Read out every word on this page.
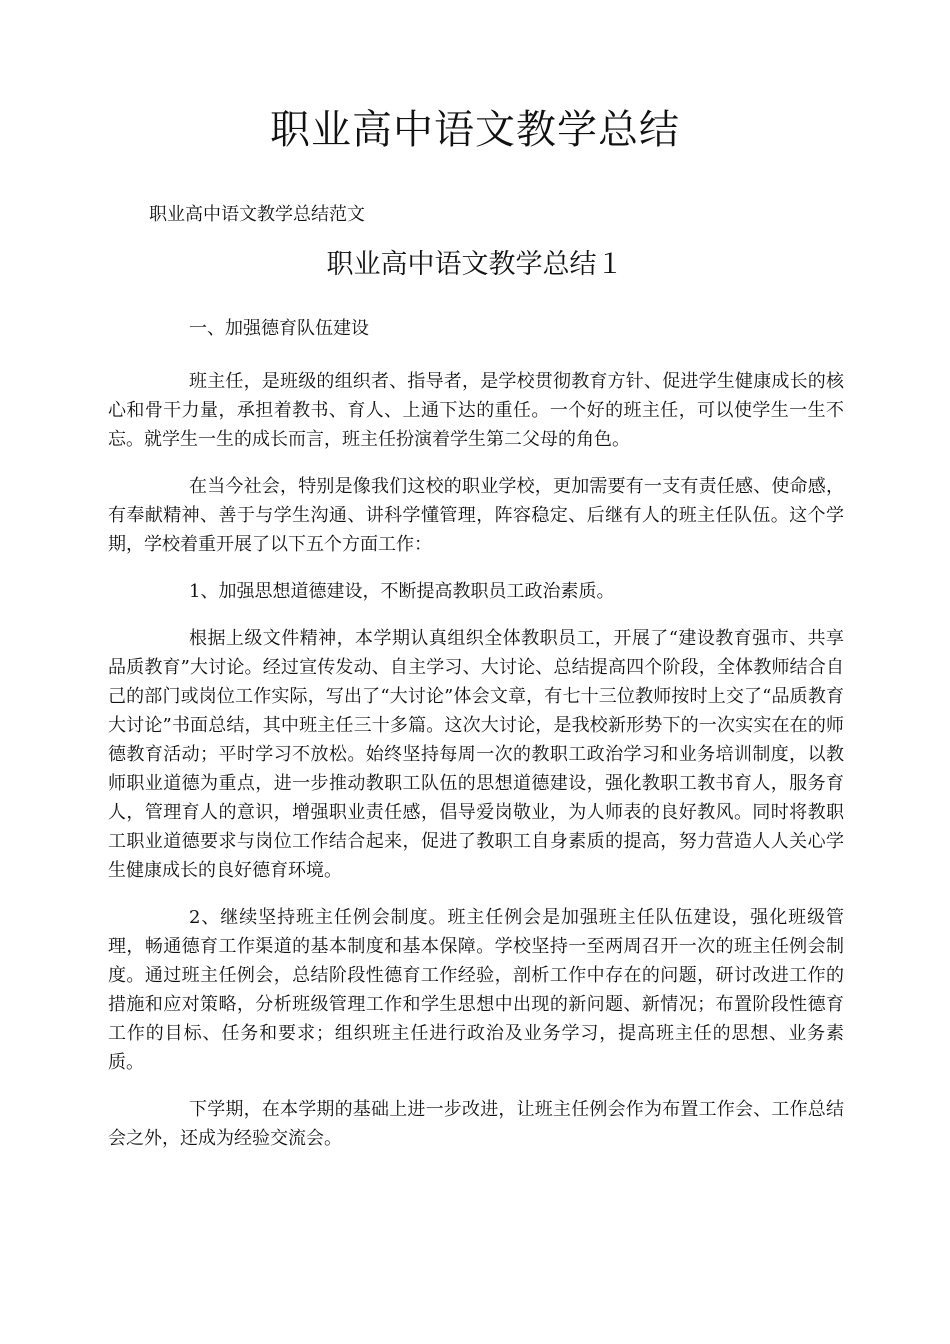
职业高中语文教学总结
职业高中语文教学总结范文
职业高中语文教学总结１

一、加强德育队伍建设

班主任，是班级的组织者、指导者，是学校贯彻教育方针、促进学生健康成长的核心和骨干力量，承担着教书、育人、上通下达的重任。一个好的班主任，可以使学生一生不忘。就学生一生的成长而言，班主任扮演着学生第二父母的角色。

在当今社会，特别是像我们这校的职业学校，更加需要有一支有责任感、使命感，有奉献精神、善于与学生沟通、讲科学懂管理，阵容稳定、后继有人的班主任队伍。这个学期，学校着重开展了以下五个方面工作：

1、加强思想道德建设，不断提高教职员工政治素质。

根据上级文件精神，本学期认真组织全体教职员工，开展了“建设教育强市、共享品质教育”大讨论。经过宣传发动、自主学习、大讨论、总结提高四个阶段，全体教师结合自己的部门或岗位工作实际，写出了“大讨论”体会文章，有七十三位教师按时上交了“品质教育大讨论”书面总结，其中班主任三十多篇。这次大讨论，是我校新形势下的一次实实在在的师德教育活动；平时学习不放松。始终坚持每周一次的教职工政治学习和业务培训制度，以教师职业道德为重点，进一步推动教职工队伍的思想道德建设，强化教职工教书育人，服务育人，管理育人的意识，增强职业责任感，倡导爱岗敬业，为人师表的良好教风。同时将教职工职业道德要求与岗位工作结合起来，促进了教职工自身素质的提高，努力营造人人关心学生健康成长的良好德育环境。

2、继续坚持班主任例会制度。班主任例会是加强班主任队伍建设，强化班级管理，畅通德育工作渠道的基本制度和基本保障。学校坚持一至两周召开一次的班主任例会制度。通过班主任例会，总结阶段性德育工作经验，剖析工作中存在的问题，研讨改进工作的措施和应对策略，分析班级管理工作和学生思想中出现的新问题、新情况；布置阶段性德育工作的目标、任务和要求；组织班主任进行政治及业务学习，提高班主任的思想、业务素质。

下学期，在本学期的基础上进一步改进，让班主任例会作为布置工作会、工作总结会之外，还成为经验交流会。
